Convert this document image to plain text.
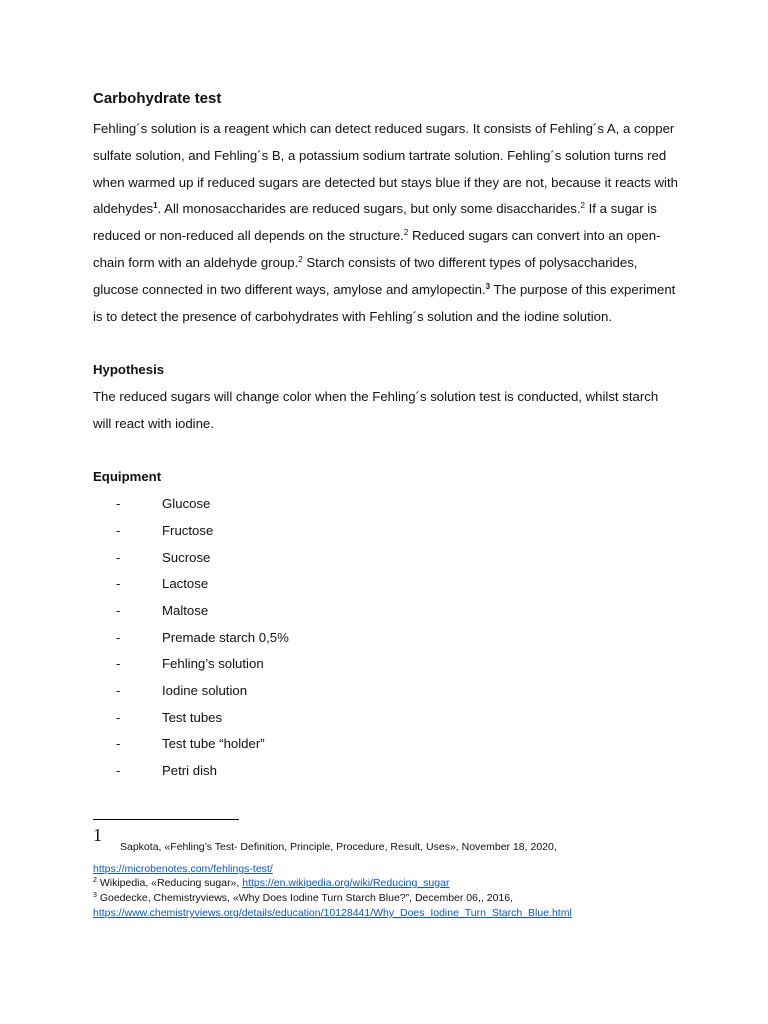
Carbohydrate test

Fehling´s solution is a reagent which can detect reduced sugars. It consists of Fehling´s A, a copper sulfate solution, and Fehling´s B, a potassium sodium tartrate solution. Fehling´s solution turns red when warmed up if reduced sugars are detected but stays blue if they are not, because it reacts with aldehydes$^1$. All monosaccharides are reduced sugars, but only some disaccharides.$^2$ If a sugar is reduced or non-reduced all depends on the structure.$^2$ Reduced sugars can convert into an open-chain form with an aldehyde group.$^2$ Starch consists of two different types of polysaccharides, glucose connected in two different ways, amylose and amylopectin.$^3$ The purpose of this experiment is to detect the presence of carbohydrates with Fehling´s solution and the iodine solution.

Hypothesis

The reduced sugars will change color when the Fehling´s solution test is conducted, whilst starch will react with iodine.

Equipment
-	Glucose
-	Fructose
-	Sucrose
-	Lactose
-	Maltose
-	Premade starch 0,5%
-	Fehling’s solution
-	Iodine solution
-	Test tubes
-	Test tube “holder”
-	Petri dish
1
Sapkota, «Fehling’s Test- Definition, Principle, Procedure, Result, Uses», November 18, 2020,
https://microbenotes.com/fehlings-test/
$^2$ Wikipedia, «Reducing sugar», https://en.wikipedia.org/wiki/Reducing_sugar
$^3$ Goedecke, Chemistryviews, «Why Does Iodine Turn Starch Blue?”, December 06,, 2016,
https://www.chemistryviews.org/details/education/10128441/Why_Does_Iodine_Turn_Starch_Blue.html
